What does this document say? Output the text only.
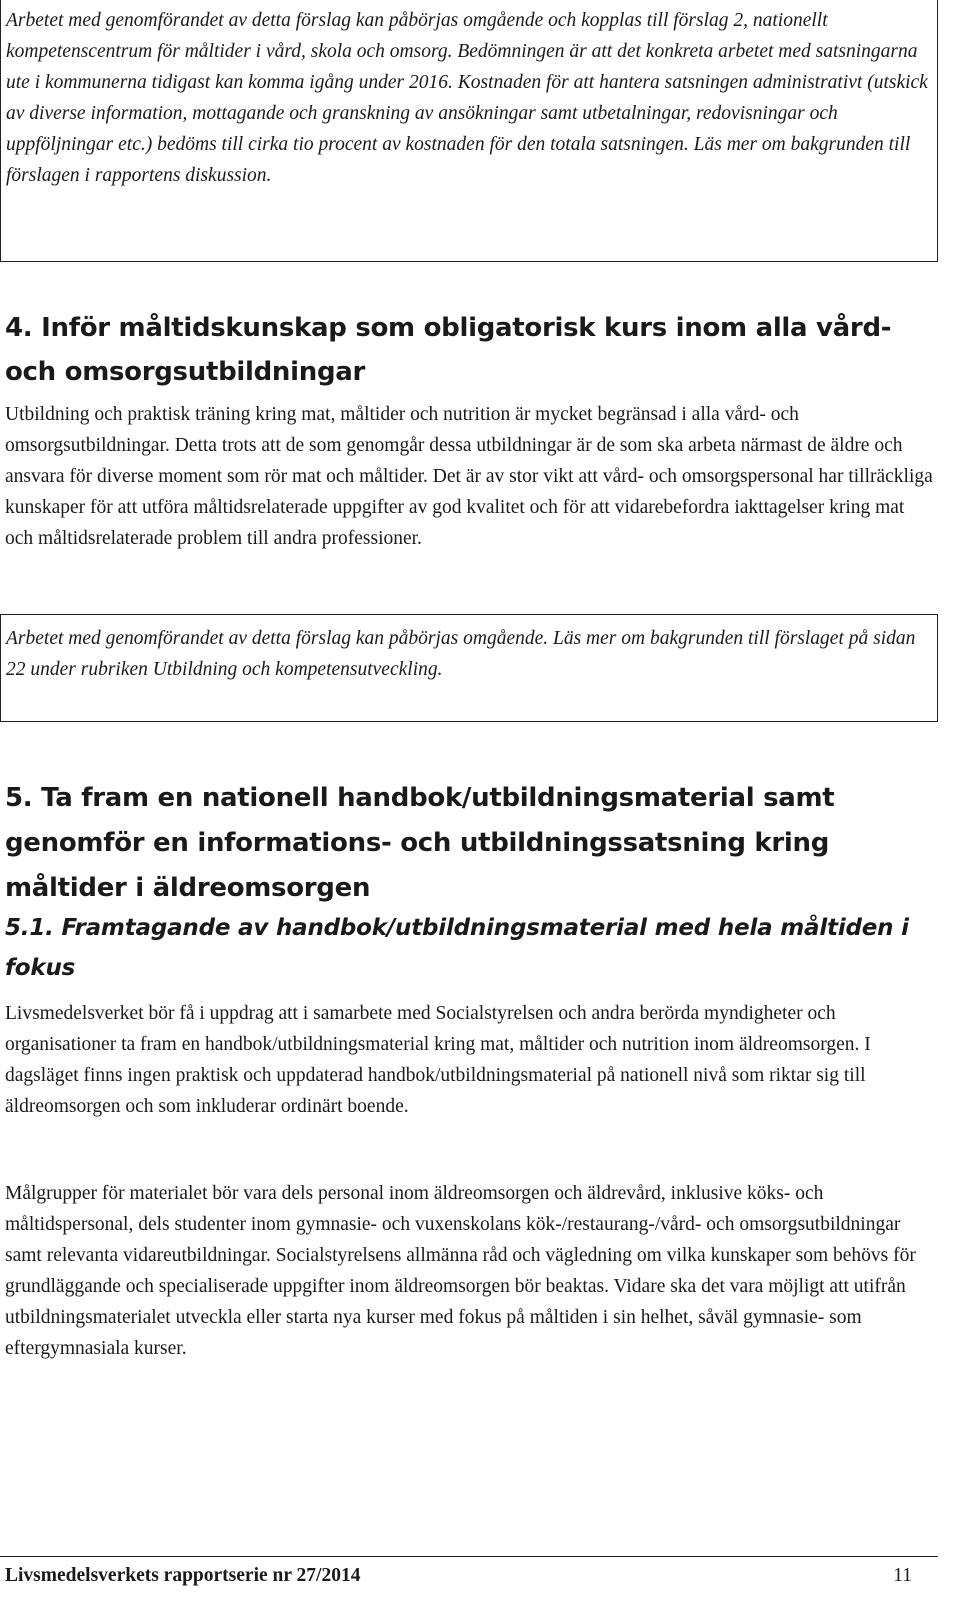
Arbetet med genomförandet av detta förslag kan påbörjas omgående och kopplas till förslag 2, nationellt kompetenscentrum för måltider i vård, skola och omsorg. Bedömningen är att det konkreta arbetet med satsningarna ute i kommunerna tidigast kan komma igång under 2016. Kostnaden för att hantera satsningen administrativt (utskick av diverse information, mottagande och granskning av ansökningar samt utbetalningar, redovisningar och uppföljningar etc.) bedöms till cirka tio procent av kostnaden för den totala satsningen. Läs mer om bakgrunden till förslagen i rapportens diskussion.

4. Inför måltidskunskap som obligatorisk kurs inom alla vård- och omsorgsutbildningar

Utbildning och praktisk träning kring mat, måltider och nutrition är mycket begränsad i alla vård- och omsorgsutbildningar. Detta trots att de som genomgår dessa utbildningar är de som ska arbeta närmast de äldre och ansvara för diverse moment som rör mat och måltider. Det är av stor vikt att vård- och omsorgspersonal har tillräckliga kunskaper för att utföra måltidsrelaterade uppgifter av god kvalitet och för att vidarebefordra iakttagelser kring mat och måltidsrelaterade problem till andra professioner.

Arbetet med genomförandet av detta förslag kan påbörjas omgående. Läs mer om bakgrunden till förslaget på sidan 22 under rubriken Utbildning och kompetensutveckling.

5. Ta fram en nationell handbok/utbildningsmaterial samt genomför en informations- och utbildningssatsning kring måltider i äldreomsorgen
5.1. Framtagande av handbok/utbildningsmaterial med hela måltiden i fokus

Livsmedelsverket bör få i uppdrag att i samarbete med Socialstyrelsen och andra berörda myndigheter och organisationer ta fram en handbok/utbildningsmaterial kring mat, måltider och nutrition inom äldreomsorgen. I dagsläget finns ingen praktisk och uppdaterad handbok/utbildningsmaterial på nationell nivå som riktar sig till äldreomsorgen och som inkluderar ordinärt boende.

Målgrupper för materialet bör vara dels personal inom äldreomsorgen och äldrevård, inklusive köks- och måltidspersonal, dels studenter inom gymnasie- och vuxenskolans kök-/restaurang-/vård- och omsorgsutbildningar samt relevanta vidareutbildningar. Socialstyrelsens allmänna råd och vägledning om vilka kunskaper som behövs för grundläggande och specialiserade uppgifter inom äldreomsorgen bör beaktas. Vidare ska det vara möjligt att utifrån utbildningsmaterialet utveckla eller starta nya kurser med fokus på måltiden i sin helhet, såväl gymnasie- som eftergymnasiala kurser.

Livsmedelsverkets rapportserie nr 27/2014	11
